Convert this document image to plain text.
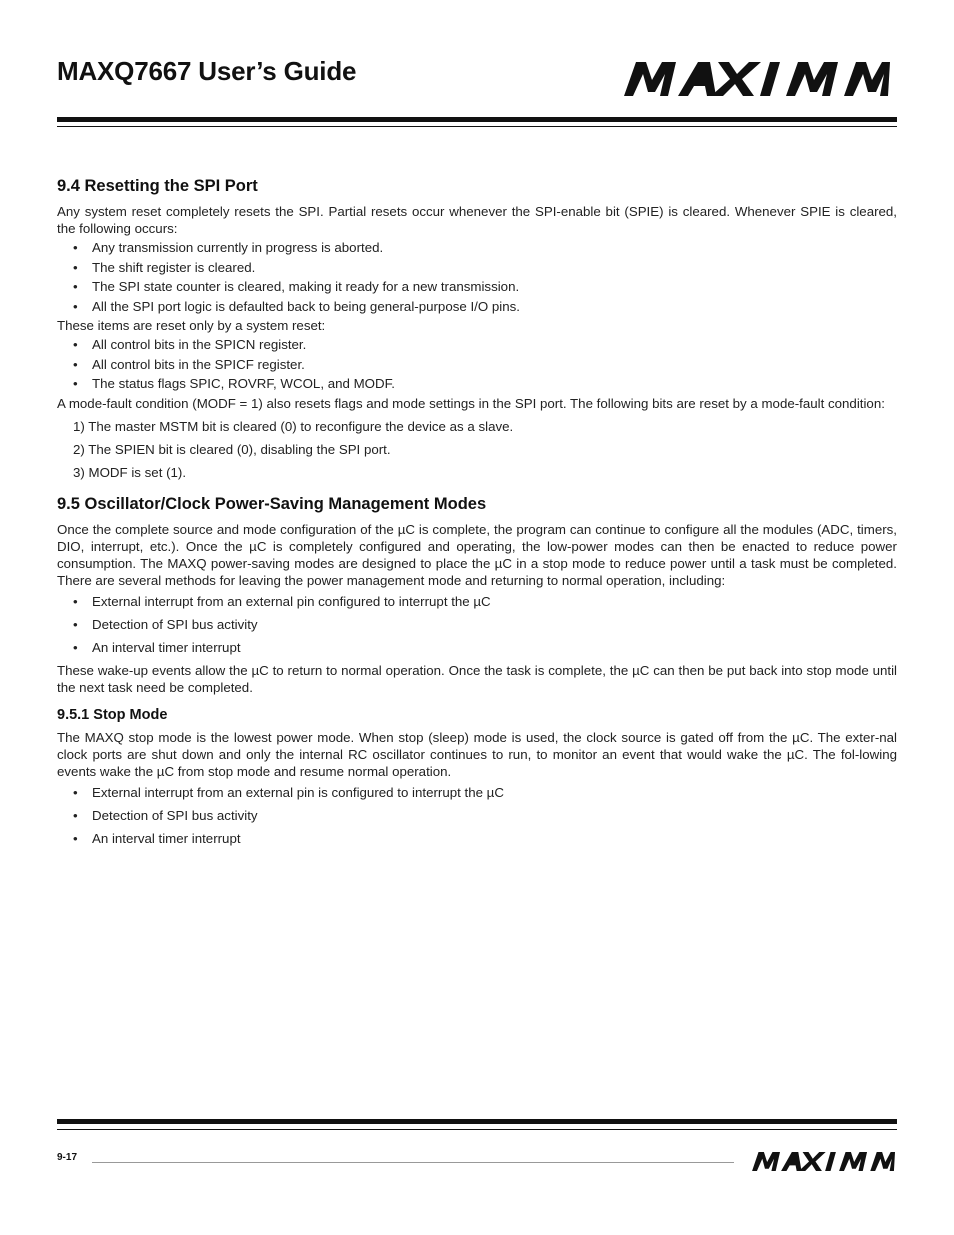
MAXQ7667 User’s Guide
9.4 Resetting the SPI Port

Any system reset completely resets the SPI. Partial resets occur whenever the SPI-enable bit (SPIE) is cleared. Whenever SPIE is cleared, the following occurs:

• Any transmission currently in progress is aborted.
• The shift register is cleared.
• The SPI state counter is cleared, making it ready for a new transmission.
• All the SPI port logic is defaulted back to being general-purpose I/O pins.

These items are reset only by a system reset:

• All control bits in the SPICN register.
• All control bits in the SPICF register.
• The status flags SPIC, ROVRF, WCOL, and MODF.

A mode-fault condition (MODF = 1) also resets flags and mode settings in the SPI port. The following bits are reset by a mode-fault condition:

1) The master MSTM bit is cleared (0) to reconfigure the device as a slave.
2) The SPIEN bit is cleared (0), disabling the SPI port.
3) MODF is set (1).
9.5 Oscillator/Clock Power-Saving Management Modes

Once the complete source and mode configuration of the µC is complete, the program can continue to configure all the modules (ADC, timers, DIO, interrupt, etc.). Once the µC is completely configured and operating, the low-power modes can then be enacted to reduce power consumption. The MAXQ power-saving modes are designed to place the µC in a stop mode to reduce power until a task must be completed. There are several methods for leaving the power management mode and returning to normal operation, including:

• External interrupt from an external pin configured to interrupt the µC
• Detection of SPI bus activity
• An interval timer interrupt

These wake-up events allow the µC to return to normal operation. Once the task is complete, the µC can then be put back into stop mode until the next task need be completed.

9.5.1 Stop Mode

The MAXQ stop mode is the lowest power mode. When stop (sleep) mode is used, the clock source is gated off from the µC. The exter-nal clock ports are shut down and only the internal RC oscillator continues to run, to monitor an event that would wake the µC. The fol-lowing events wake the µC from stop mode and resume normal operation.

• External interrupt from an external pin is configured to interrupt the µC
• Detection of SPI bus activity
• An interval timer interrupt
9-17
